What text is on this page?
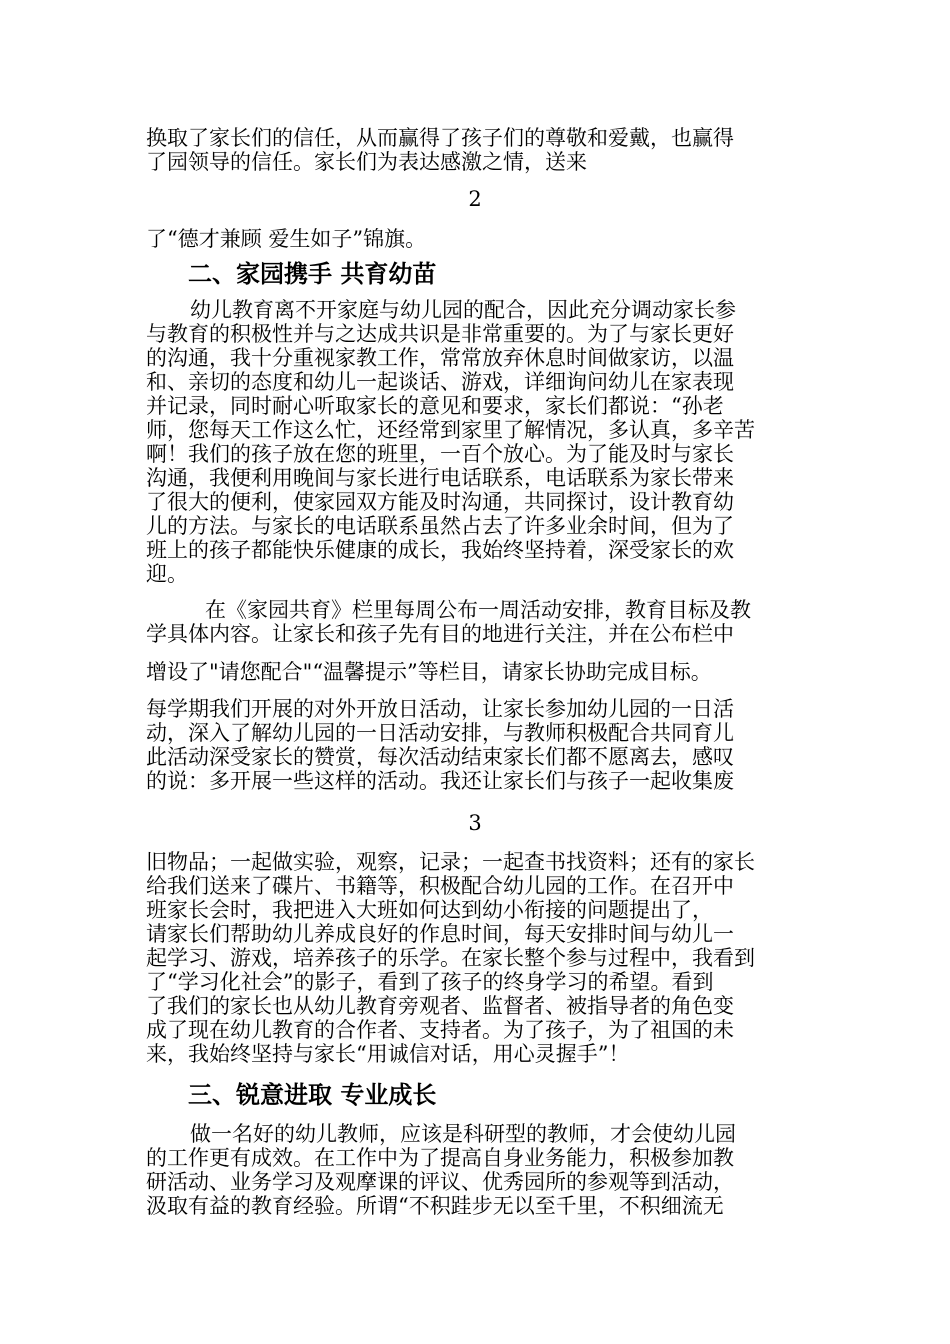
换取了家长们的信任，从而赢得了孩子们的尊敬和爱戴，也赢得
了园领导的信任。家长们为表达感激之情，送来
2
了“德才兼顾 爱生如子”锦旗。
二、家园携手 共育幼苗
幼儿教育离不开家庭与幼儿园的配合，因此充分调动家长参
与教育的积极性并与之达成共识是非常重要的。为了与家长更好
的沟通，我十分重视家教工作，常常放弃休息时间做家访，以温
和、亲切的态度和幼儿一起谈话、游戏，详细询问幼儿在家表现
并记录，同时耐心听取家长的意见和要求，家长们都说：“孙老
师，您每天工作这么忙，还经常到家里了解情况，多认真，多辛苦
啊！我们的孩子放在您的班里，一百个放心。为了能及时与家长
沟通，我便利用晚间与家长进行电话联系，电话联系为家长带来
了很大的便利，使家园双方能及时沟通，共同探讨，设计教育幼
儿的方法。与家长的电话联系虽然占去了许多业余时间，但为了
班上的孩子都能快乐健康的成长，我始终坚持着，深受家长的欢
迎。
在《家园共育》栏里每周公布一周活动安排，教育目标及教
学具体内容。让家长和孩子先有目的地进行关注，并在公布栏中
增设了"请您配合"“温馨提示”等栏目，请家长协助完成目标。
每学期我们开展的对外开放日活动，让家长参加幼儿园的一日活
动，深入了解幼儿园的一日活动安排，与教师积极配合共同育儿
此活动深受家长的赞赏，每次活动结束家长们都不愿离去，感叹
的说：多开展一些这样的活动。我还让家长们与孩子一起收集废
3
旧物品；一起做实验，观察，记录；一起查书找资料；还有的家长
给我们送来了碟片、书籍等，积极配合幼儿园的工作。在召开中
班家长会时，我把进入大班如何达到幼小衔接的问题提出了，
请家长们帮助幼儿养成良好的作息时间，每天安排时间与幼儿一
起学习、游戏，培养孩子的乐学。在家长整个参与过程中，我看到
了“学习化社会”的影子，看到了孩子的终身学习的希望。看到
了我们的家长也从幼儿教育旁观者、监督者、被指导者的角色变
成了现在幼儿教育的合作者、支持者。为了孩子，为了祖国的未
来，我始终坚持与家长“用诚信对话，用心灵握手”！
三、锐意进取 专业成长
做一名好的幼儿教师，应该是科研型的教师，才会使幼儿园
的工作更有成效。在工作中为了提高自身业务能力，积极参加教
研活动、业务学习及观摩课的评议、优秀园所的参观等到活动，
汲取有益的教育经验。所谓“不积跬步无以至千里，不积细流无
